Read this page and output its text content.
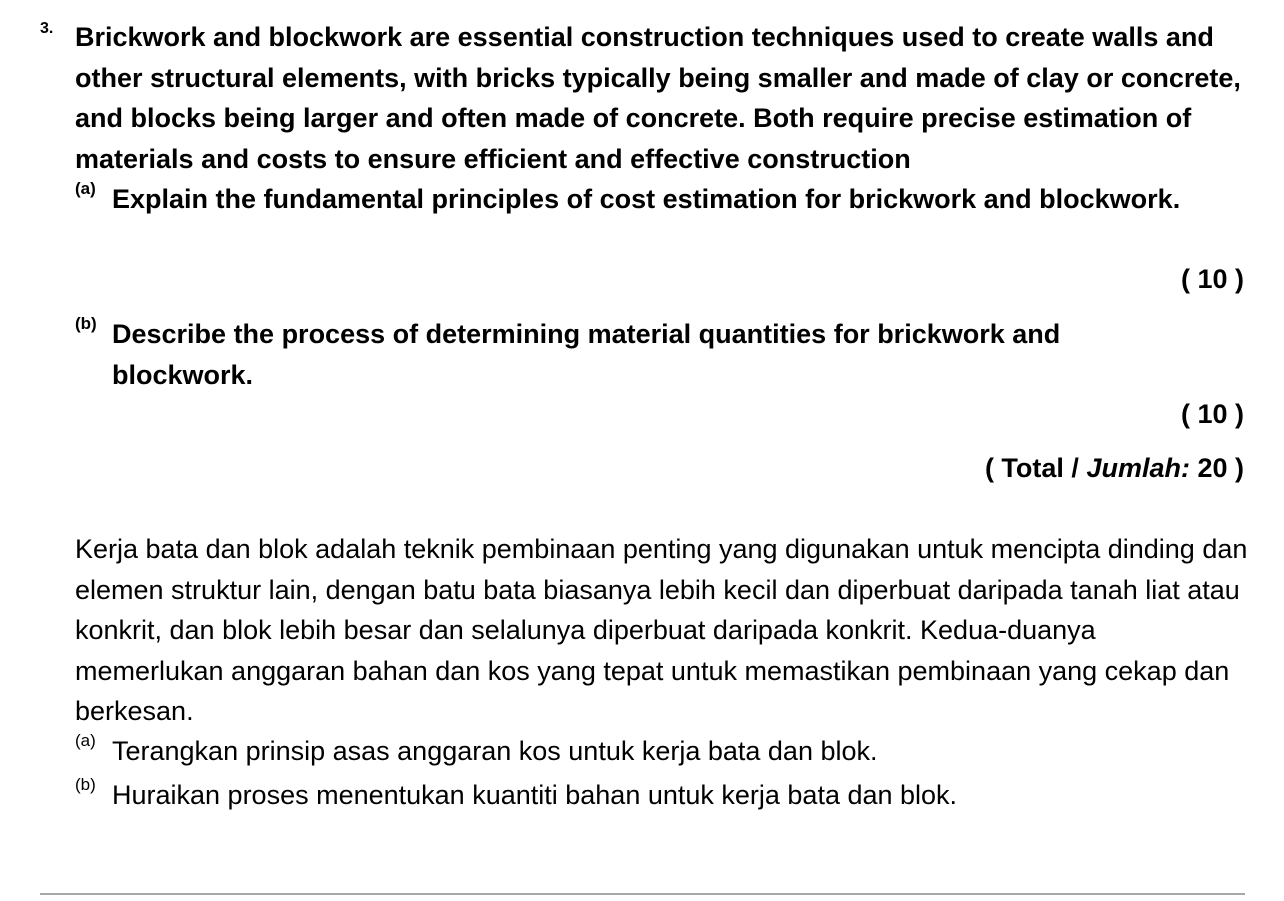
3. Brickwork and blockwork are essential construction techniques used to create walls and other structural elements, with bricks typically being smaller and made of clay or concrete, and blocks being larger and often made of concrete. Both require precise estimation of materials and costs to ensure efficient and effective construction

(a) Explain the fundamental principles of cost estimation for brickwork and blockwork.

( 10 )
(b) Describe the process of determining material quantities for brickwork and blockwork.

( 10 )
( Total / Jumlah: 20 )

Kerja bata dan blok adalah teknik pembinaan penting yang digunakan untuk mencipta dinding dan elemen struktur lain, dengan batu bata biasanya lebih kecil dan diperbuat daripada tanah liat atau konkrit, dan blok lebih besar dan selalunya diperbuat daripada konkrit. Kedua-duanya memerlukan anggaran bahan dan kos yang tepat untuk memastikan pembinaan yang cekap dan berkesan.

(a) Terangkan prinsip asas anggaran kos untuk kerja bata dan blok.

(b) Huraikan proses menentukan kuantiti bahan untuk kerja bata dan blok.
